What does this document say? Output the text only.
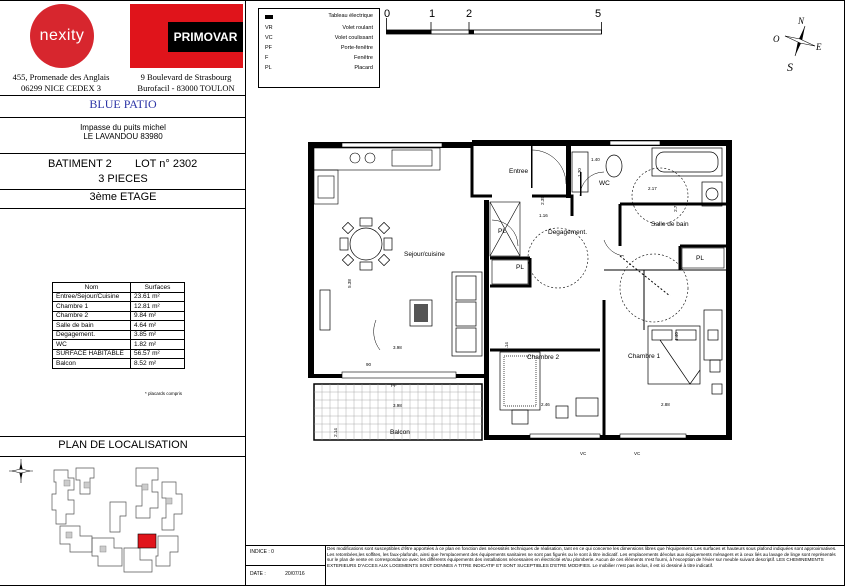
nexity	PRIMOVAR
455, Promenade des Anglais
06299 NICE CEDEX 3
9 Boulevard de Strasbourg
Burofacil - 83000 TOULON
BLUE PATIO
Impasse du puits michel
LE LAVANDOU 83980
BATIMENT 2 LOT n° 2302
3 PIECES
3ème ETAGE
Nom	Surfaces
Entree/Sejour/Cuisine	23.61 m²
Chambre 1	12.81 m²
Chambre 2	9.84 m²
Salle de bain	4.64 m²
Degagement.	3.85 m²
WC	1.82 m²
SURFACE HABITABLE	56.57 m²
Balcon	8.52 m²
* placards compris
PLAN DE LOCALISATION
Tableau électrique
VR	Volet roulant
VC	Volet coulissant
PF	Porte-fenêtre
F	Fenêtre
PL	Placard
0	1	2	5
N
O
E
S
Entree
WC
Sejour/cuisine
Degagement.
Salle de bain
Chambre 1
Chambre 2
Balcon
PL
PL
PL
PF
VC	VC
1.40
1.30
2.35
1.16
2.17
2.79
5.38
3.98
3.98
4.14
4.40
2.46	2.88
2.14
90
INDICE : 0
DATE :	20/07/16
Des modifications sont susceptibles d'être apportées à ce plan en fonction des nécessités techniques de réalisation, tant en ce qui concerne les dimensions libres que l'équipement. Les surfaces et hauteurs sous plafond indiquées sont approximatives. Les retombées,les soffites, les faux-plafonds, ainsi que l'emplacement des équipements sanitaires ne sont pas figurés ou le sont à titre indicatif. Les emplacements dévolus aux équipements ménagers et à ceux liés au lavage de linge sont représentés sur le plan de vente en correspondance avec les différents équipements des installations nécessaires en électricité et/ou plomberie. Aucun de ces éléments n'est fourni, à l'exception de l'évier sur meuble suivant descriptif. LES CHEMINEMENTS EXTERIEURS D'ACCES AUX LOGEMENTS SONT DONNES A TITRE INDICATIF ET SONT SUCEPTIBLES D'ETRE MODIFIES. Le mobilier n'est pas inclus, il est ici dessiné à titre indicatif.
